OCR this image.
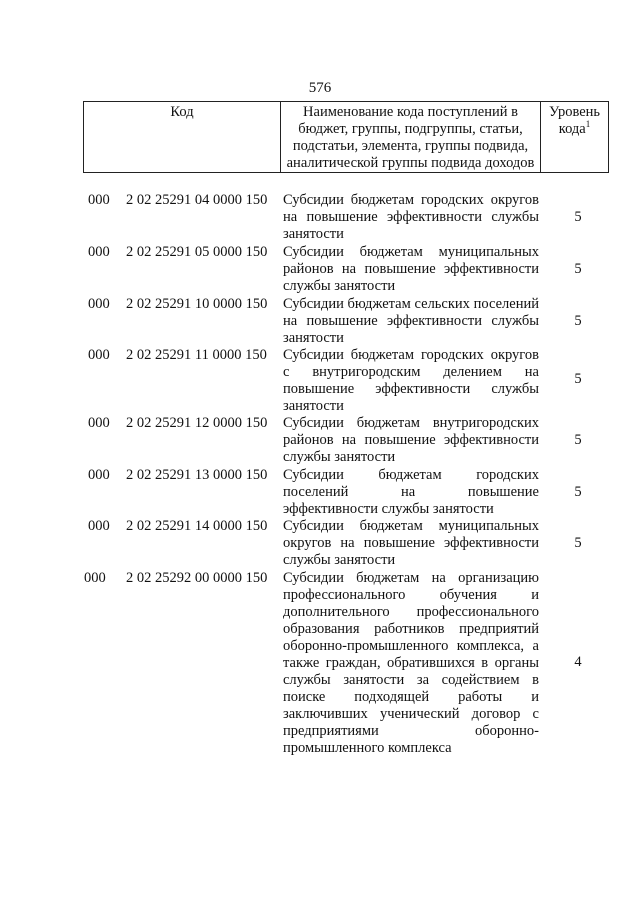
576
Код	Наименование кода поступлений в бюджет, группы, подгруппы, статьи, подстатьи, элемента, группы подвида, аналитической группы подвида доходов
Уровень кода$^1$
000 2 02 25291 04 0000 150 Субсидии бюджетам городских округов на повышение эффективности службы занятости
5
000 2 02 25291 05 0000 150 Субсидии бюджетам муниципальных районов на повышение эффективности службы занятости
5
000 2 02 25291 10 0000 150 Субсидии бюджетам сельских поселений на повышение эффективности службы занятости
5
000 2 02 25291 11 0000 150 Субсидии бюджетам городских округов с внутригородским делением на повышение эффективности службы занятости
5
000 2 02 25291 12 0000 150 Субсидии бюджетам внутригородских районов на повышение эффективности службы занятости
5
000 2 02 25291 13 0000 150 Субсидии бюджетам городских поселений на повышение эффективности службы занятости
5
000 2 02 25291 14 0000 150 Субсидии бюджетам муниципальных округов на повышение эффективности службы занятости
5
000 2 02 25292 00 0000 150 Субсидии бюджетам на организацию профессионального обучения и дополнительного профессионального образования работников предприятий оборонно-промышленного комплекса, а также граждан, обратившихся в органы службы занятости за содействием в поиске подходящей работы и заключивших ученический договор с предприятиями оборонно-промышленного комплекса
4
